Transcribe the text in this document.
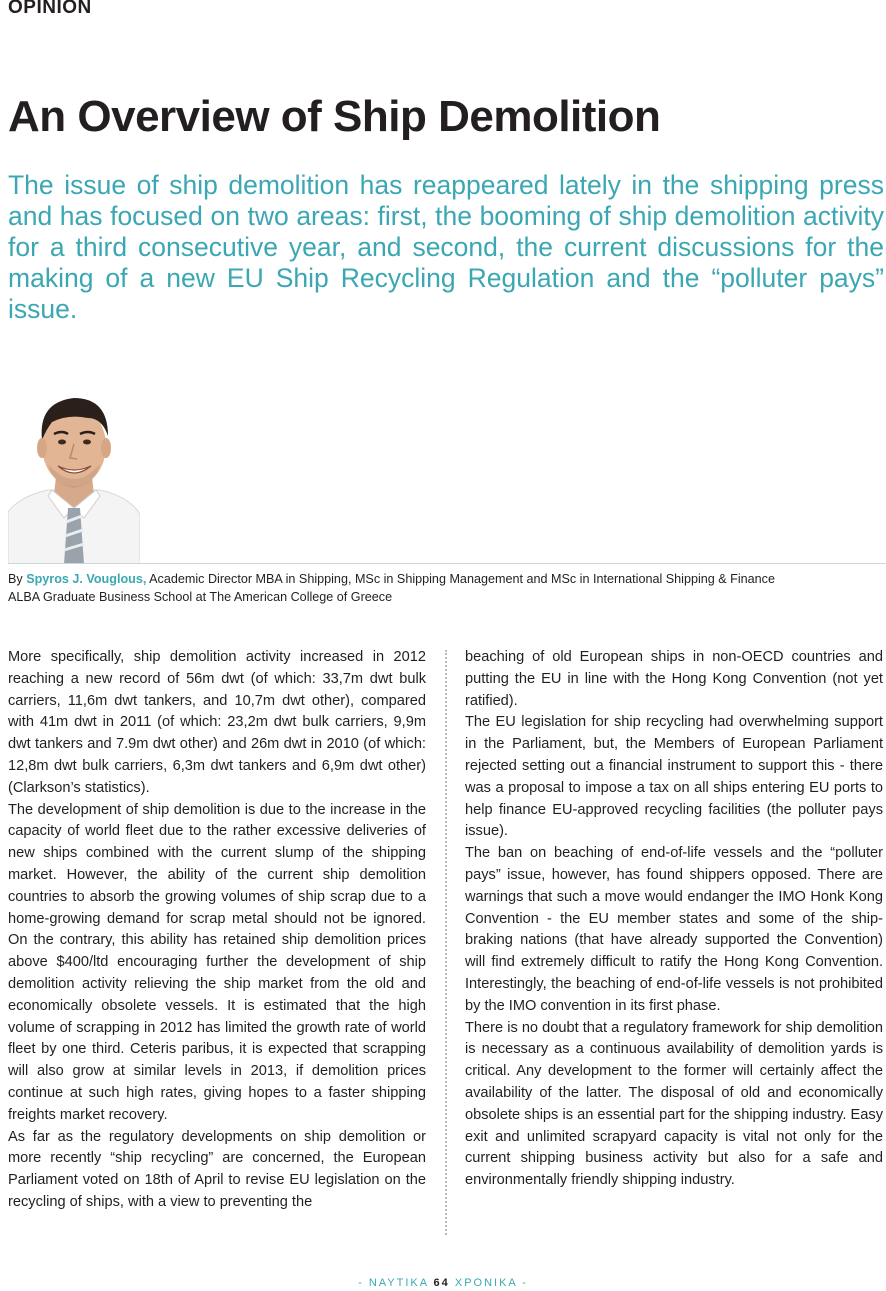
OPINION
An Overview of Ship Demolition

The issue of ship demolition has reappeared lately in the shipping press and has focused on two areas: first, the booming of ship demolition activity for a third consecutive year, and second, the current discussions for the making of a new EU Ship Recycling Regulation and the “polluter pays” issue.

By Spyros J. Vouglous, Academic Director MBA in Shipping, MSc in Shipping Management and MSc in International Shipping & Finance
ALBA Graduate Business School at The American College of Greece

More specifically, ship demolition activity increased in 2012 reaching a new record of 56m dwt (of which: 33,7m dwt bulk carriers, 11,6m dwt tankers, and 10,7m dwt other), compared with 41m dwt in 2011 (of which: 23,2m dwt bulk carriers, 9,9m dwt tankers and 7.9m dwt other) and 26m dwt in 2010 (of which: 12,8m dwt bulk carriers, 6,3m dwt tankers and 6,9m dwt other) (Clarkson’s statistics).

The development of ship demolition is due to the increase in the capacity of world fleet due to the rather excessive deliveries of new ships combined with the current slump of the shipping market. However, the ability of the current ship demolition countries to absorb the growing volumes of ship scrap due to a home-growing demand for scrap metal should not be ignored. On the contrary, this ability has retained ship demolition prices above $400/ltd encouraging further the development of ship demolition activity relieving the ship market from the old and economically obsolete vessels. It is estimated that the high volume of scrapping in 2012 has limited the growth rate of world fleet by one third. Ceteris paribus, it is expected that scrapping will also grow at similar levels in 2013, if demolition prices continue at such high rates, giving hopes to a faster shipping freights market recovery.

As far as the regulatory developments on ship demolition or more recently “ship recycling” are concerned, the European Parliament voted on 18th of April to revise EU legislation on the recycling of ships, with a view to preventing the

beaching of old European ships in non-OECD countries and putting the EU in line with the Hong Kong Convention (not yet ratified).

The EU legislation for ship recycling had overwhelming support in the Parliament, but, the Members of European Parliament rejected setting out a financial instrument to support this - there was a proposal to impose a tax on all ships entering EU ports to help finance EU-approved recycling facilities (the polluter pays issue).

The ban on beaching of end-of-life vessels and the “polluter pays” issue, however, has found shippers opposed. There are warnings that such a move would endanger the IMO Honk Kong Convention - the EU member states and some of the ship-braking nations (that have already supported the Convention) will find extremely difficult to ratify the Hong Kong Convention. Interestingly, the beaching of end-of-life vessels is not prohibited by the IMO convention in its first phase.

There is no doubt that a regulatory framework for ship demolition is necessary as a continuous availability of demolition yards is critical. Any development to the former will certainly affect the availability of the latter. The disposal of old and economically obsolete ships is an essential part for the shipping industry. Easy exit and unlimited scrapyard capacity is vital not only for the current shipping business activity but also for a safe and environmentally friendly shipping industry.

- ΝΑΥΤΙΚΑ 64 ΧΡΟΝΙΚΑ -
